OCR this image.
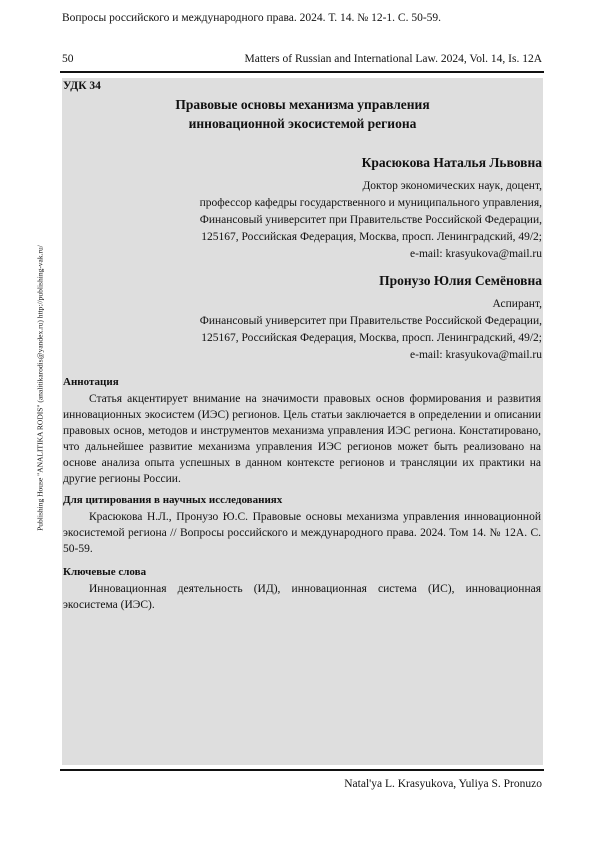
Вопросы российского и международного права. 2024. Т. 14. № 12-1. С. 50-59.
50	Matters of Russian and International Law. 2024, Vol. 14, Is. 12A
Publishing House "ANALITIKA RODIS" (analitikarodis@yandex.ru) http://publishing-vak.ru/
УДК 34
Правовые основы механизма управления
инновационной экосистемой региона
Красюкова Наталья Львовна
Доктор экономических наук, доцент,
профессор кафедры государственного и муниципального управления,
Финансовый университет при Правительстве Российской Федерации,
125167, Российская Федерация, Москва, просп. Ленинградский, 49/2;
e-mail: krasyukova@mail.ru
Пронузо Юлия Семёновна
Аспирант,
Финансовый университет при Правительстве Российской Федерации,
125167, Российская Федерация, Москва, просп. Ленинградский, 49/2;
e-mail: krasyukova@mail.ru
Аннотация
Статья акцентирует внимание на значимости правовых основ формирования и развития инновационных экосистем (ИЭС) регионов. Цель статьи заключается в определении и описании правовых основ, методов и инструментов механизма управления ИЭС региона. Констатировано, что дальнейшее развитие механизма управления ИЭС регионов может быть реализовано на основе анализа опыта успешных в данном контексте регионов и трансляции их практики на другие регионы России.
Для цитирования в научных исследованиях
Красюкова Н.Л., Пронузо Ю.С. Правовые основы механизма управления инновационной экосистемой региона // Вопросы российского и международного права. 2024. Том 14. № 12А. С. 50-59.
Ключевые слова
Инновационная деятельность (ИД), инновационная система (ИС), инновационная экосистема (ИЭС).
Natal'ya L. Krasyukova, Yuliya S. Pronuzo
